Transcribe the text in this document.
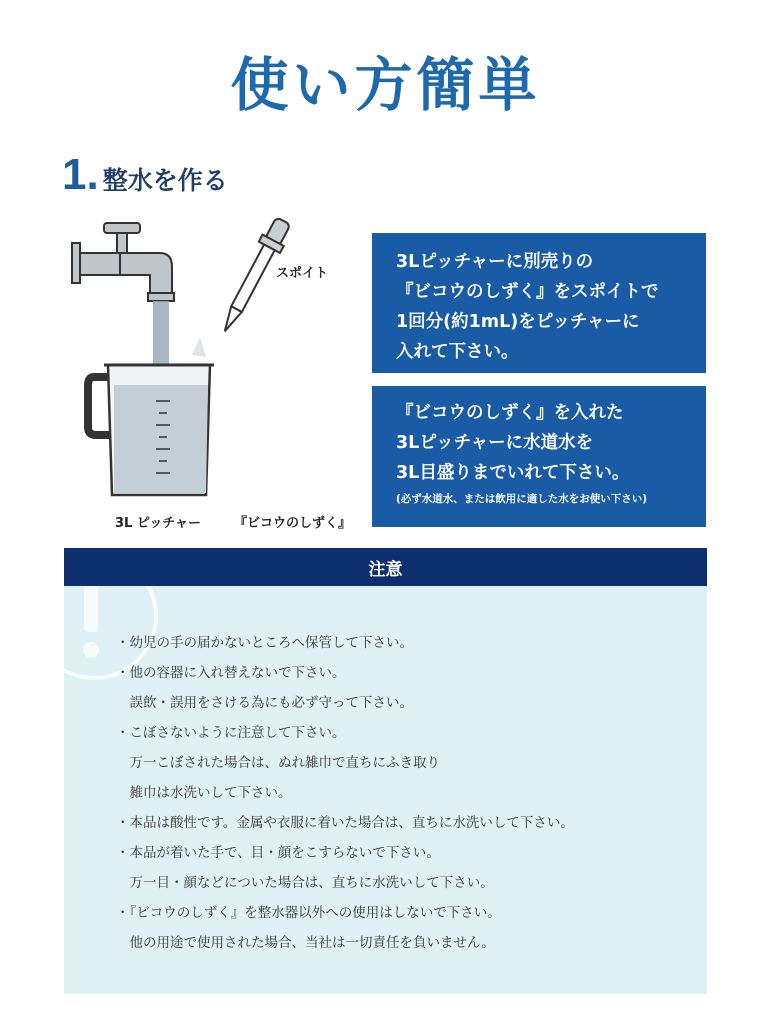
使い方簡単
1. 整水を作る
スポイト
3L ピッチャー	『ビコウのしずく』
3Lピッチャーに別売りの
『ビコウのしずく』をスポイトで
1回分(約1mL)をピッチャーに
入れて下さい。
『ビコウのしずく』を入れた
3Lピッチャーに水道水を
3L目盛りまでいれて下さい。
(必ず水道水、または飲用に適した水をお使い下さい)
注意
・幼児の手の届かないところへ保管して下さい。
・他の容器に入れ替えないで下さい。
　誤飲・誤用をさける為にも必ず守って下さい。
・こぼさないように注意して下さい。
　万一こぼされた場合は、ぬれ雑巾で直ちにふき取り
　雑巾は水洗いして下さい。
・本品は酸性です。金属や衣服に着いた場合は、直ちに水洗いして下さい。
・本品が着いた手で、目・顔をこすらないで下さい。
　万一目・顔などについた場合は、直ちに水洗いして下さい。
・『ビコウのしずく』を整水器以外への使用はしないで下さい。
　他の用途で使用された場合、当社は一切責任を負いません。
